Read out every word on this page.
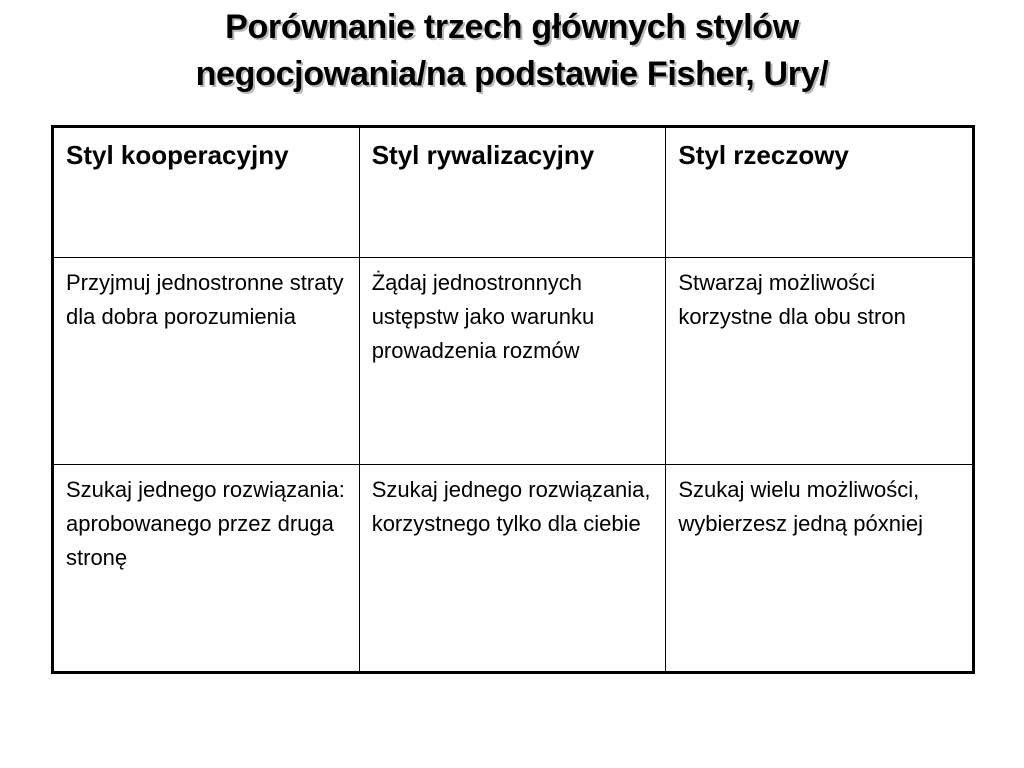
Porównanie trzech głównych stylów
negocjowania/na podstawie Fisher, Ury/
Styl kooperacyjny	Styl rywalizacyjny	Styl rzeczowy
Przyjmuj jednostronne straty dla dobra porozumienia	Żądaj jednostronnych ustępstw jako warunku prowadzenia rozmów	Stwarzaj możliwości korzystne dla obu stron
Szukaj jednego rozwiązania: aprobowanego przez druga stronę	Szukaj jednego rozwiązania, korzystnego tylko dla ciebie	Szukaj wielu możliwości, wybierzesz jedną póxniej
